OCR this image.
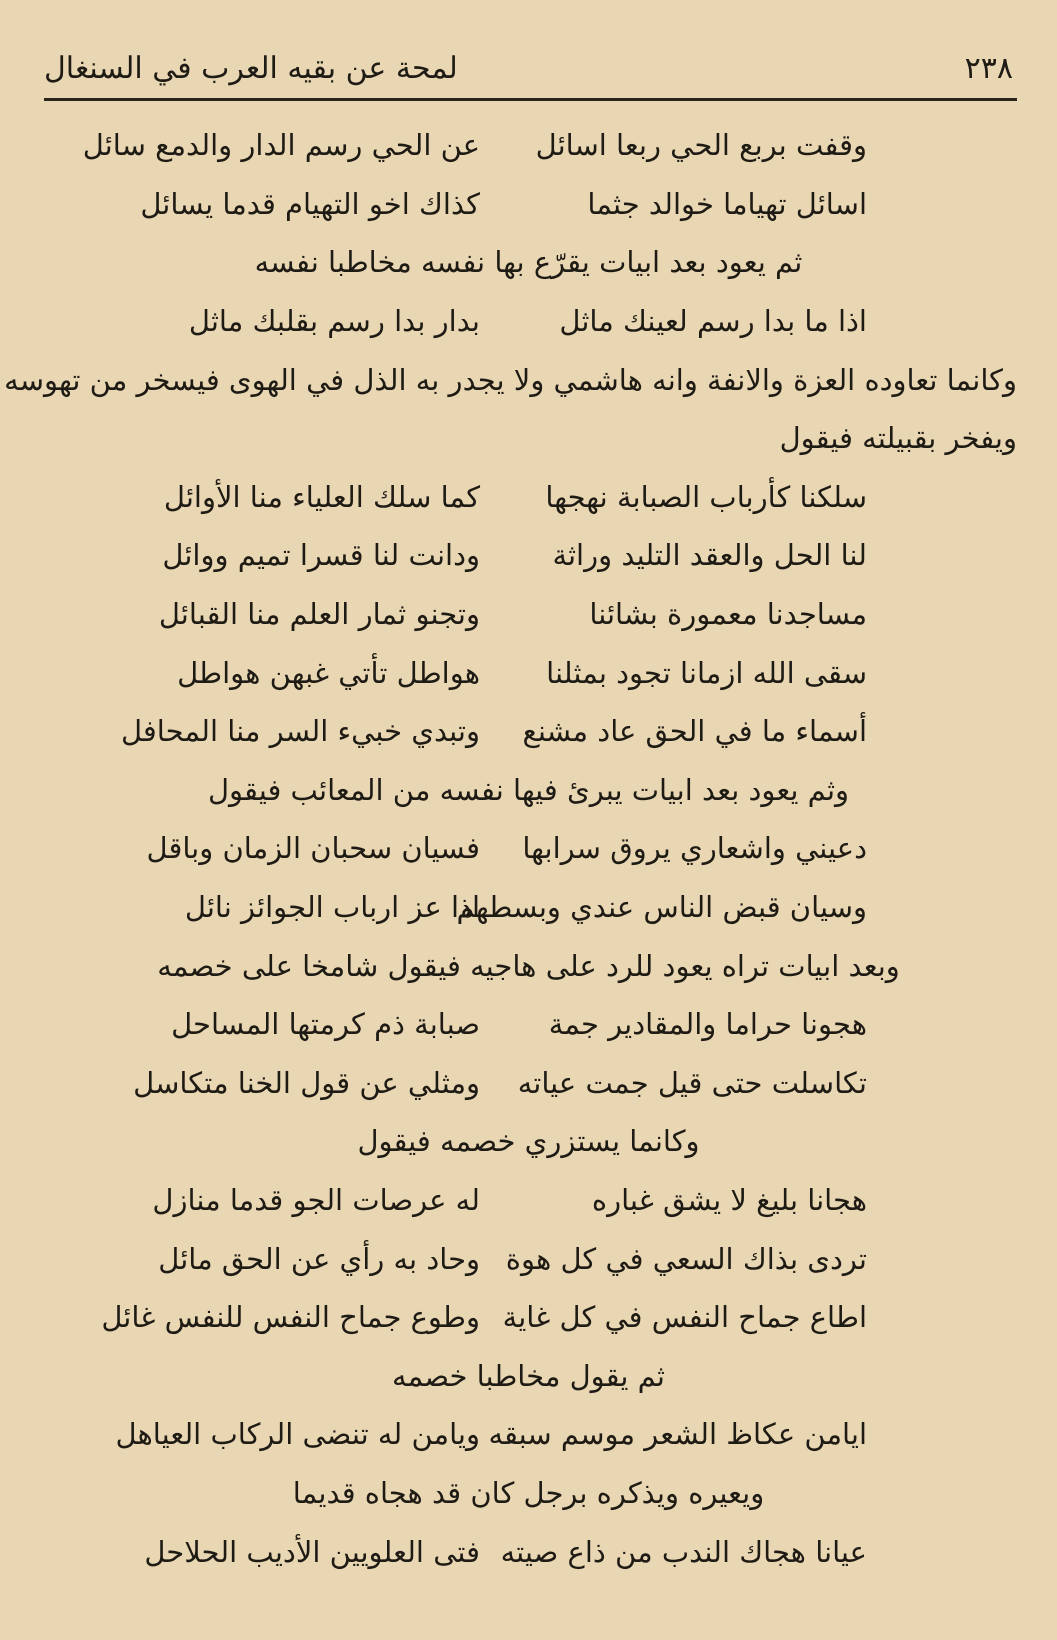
٢٣٨
لمحة عن بقيه العرب في السنغال
وقفت بربع الحي ربعا اسائل
عن الحي رسم الدار والدمع سائل
اسائل تهياما خوالد جثما
كذاك اخو التهيام قدما يسائل
ثم يعود بعد ابيات يقرّع بها نفسه مخاطبا نفسه
اذا ما بدا رسم لعينك ماثل
بدار بدا رسم بقلبك ماثل
وكانما تعاوده العزة والانفة وانه هاشمي ولا يجدر به الذل في الهوى فيسخر من تهوسه
ويفخر بقبيلته فيقول
سلكنا كأرباب الصبابة نهجها
كما سلك العلياء منا الأوائل
لنا الحل والعقد التليد وراثة
ودانت لنا قسرا تميم ووائل
مساجدنا معمورة بشائنا
وتجنو ثمار العلم منا القبائل
سقى الله ازمانا تجود بمثلنا
هواطل تأتي غبهن هواطل
أسماء ما في الحق عاد مشنع
وتبدي خبيء السر منا المحافل
وثم يعود بعد ابيات يبرئ فيها نفسه من المعائب فيقول
دعيني واشعاري يروق سرابها
فسيان سحبان الزمان وباقل
وسيان قبض الناس عندي وبسطهم
اذا عز ارباب الجوائز نائل
وبعد ابيات تراه يعود للرد على هاجيه فيقول شامخا على خصمه
هجونا حراما والمقادير جمة
صبابة ذم كرمتها المساحل
تكاسلت حتى قيل جمت عياته
ومثلي عن قول الخنا متكاسل
وكانما يستزري خصمه فيقول
هجانا بليغ لا يشق غباره
له عرصات الجو قدما منازل
تردى بذاك السعي في كل هوة
وحاد به رأي عن الحق مائل
اطاع جماح النفس في كل غاية
وطوع جماح النفس للنفس غائل
ثم يقول مخاطبا خصمه
ايامن عكاظ الشعر موسم سبقه
ويامن له تنضى الركاب العياهل
ويعيره ويذكره برجل كان قد هجاه قديما
عيانا هجاك الندب من ذاع صيته
فتى العلويين الأديب الحلاحل
